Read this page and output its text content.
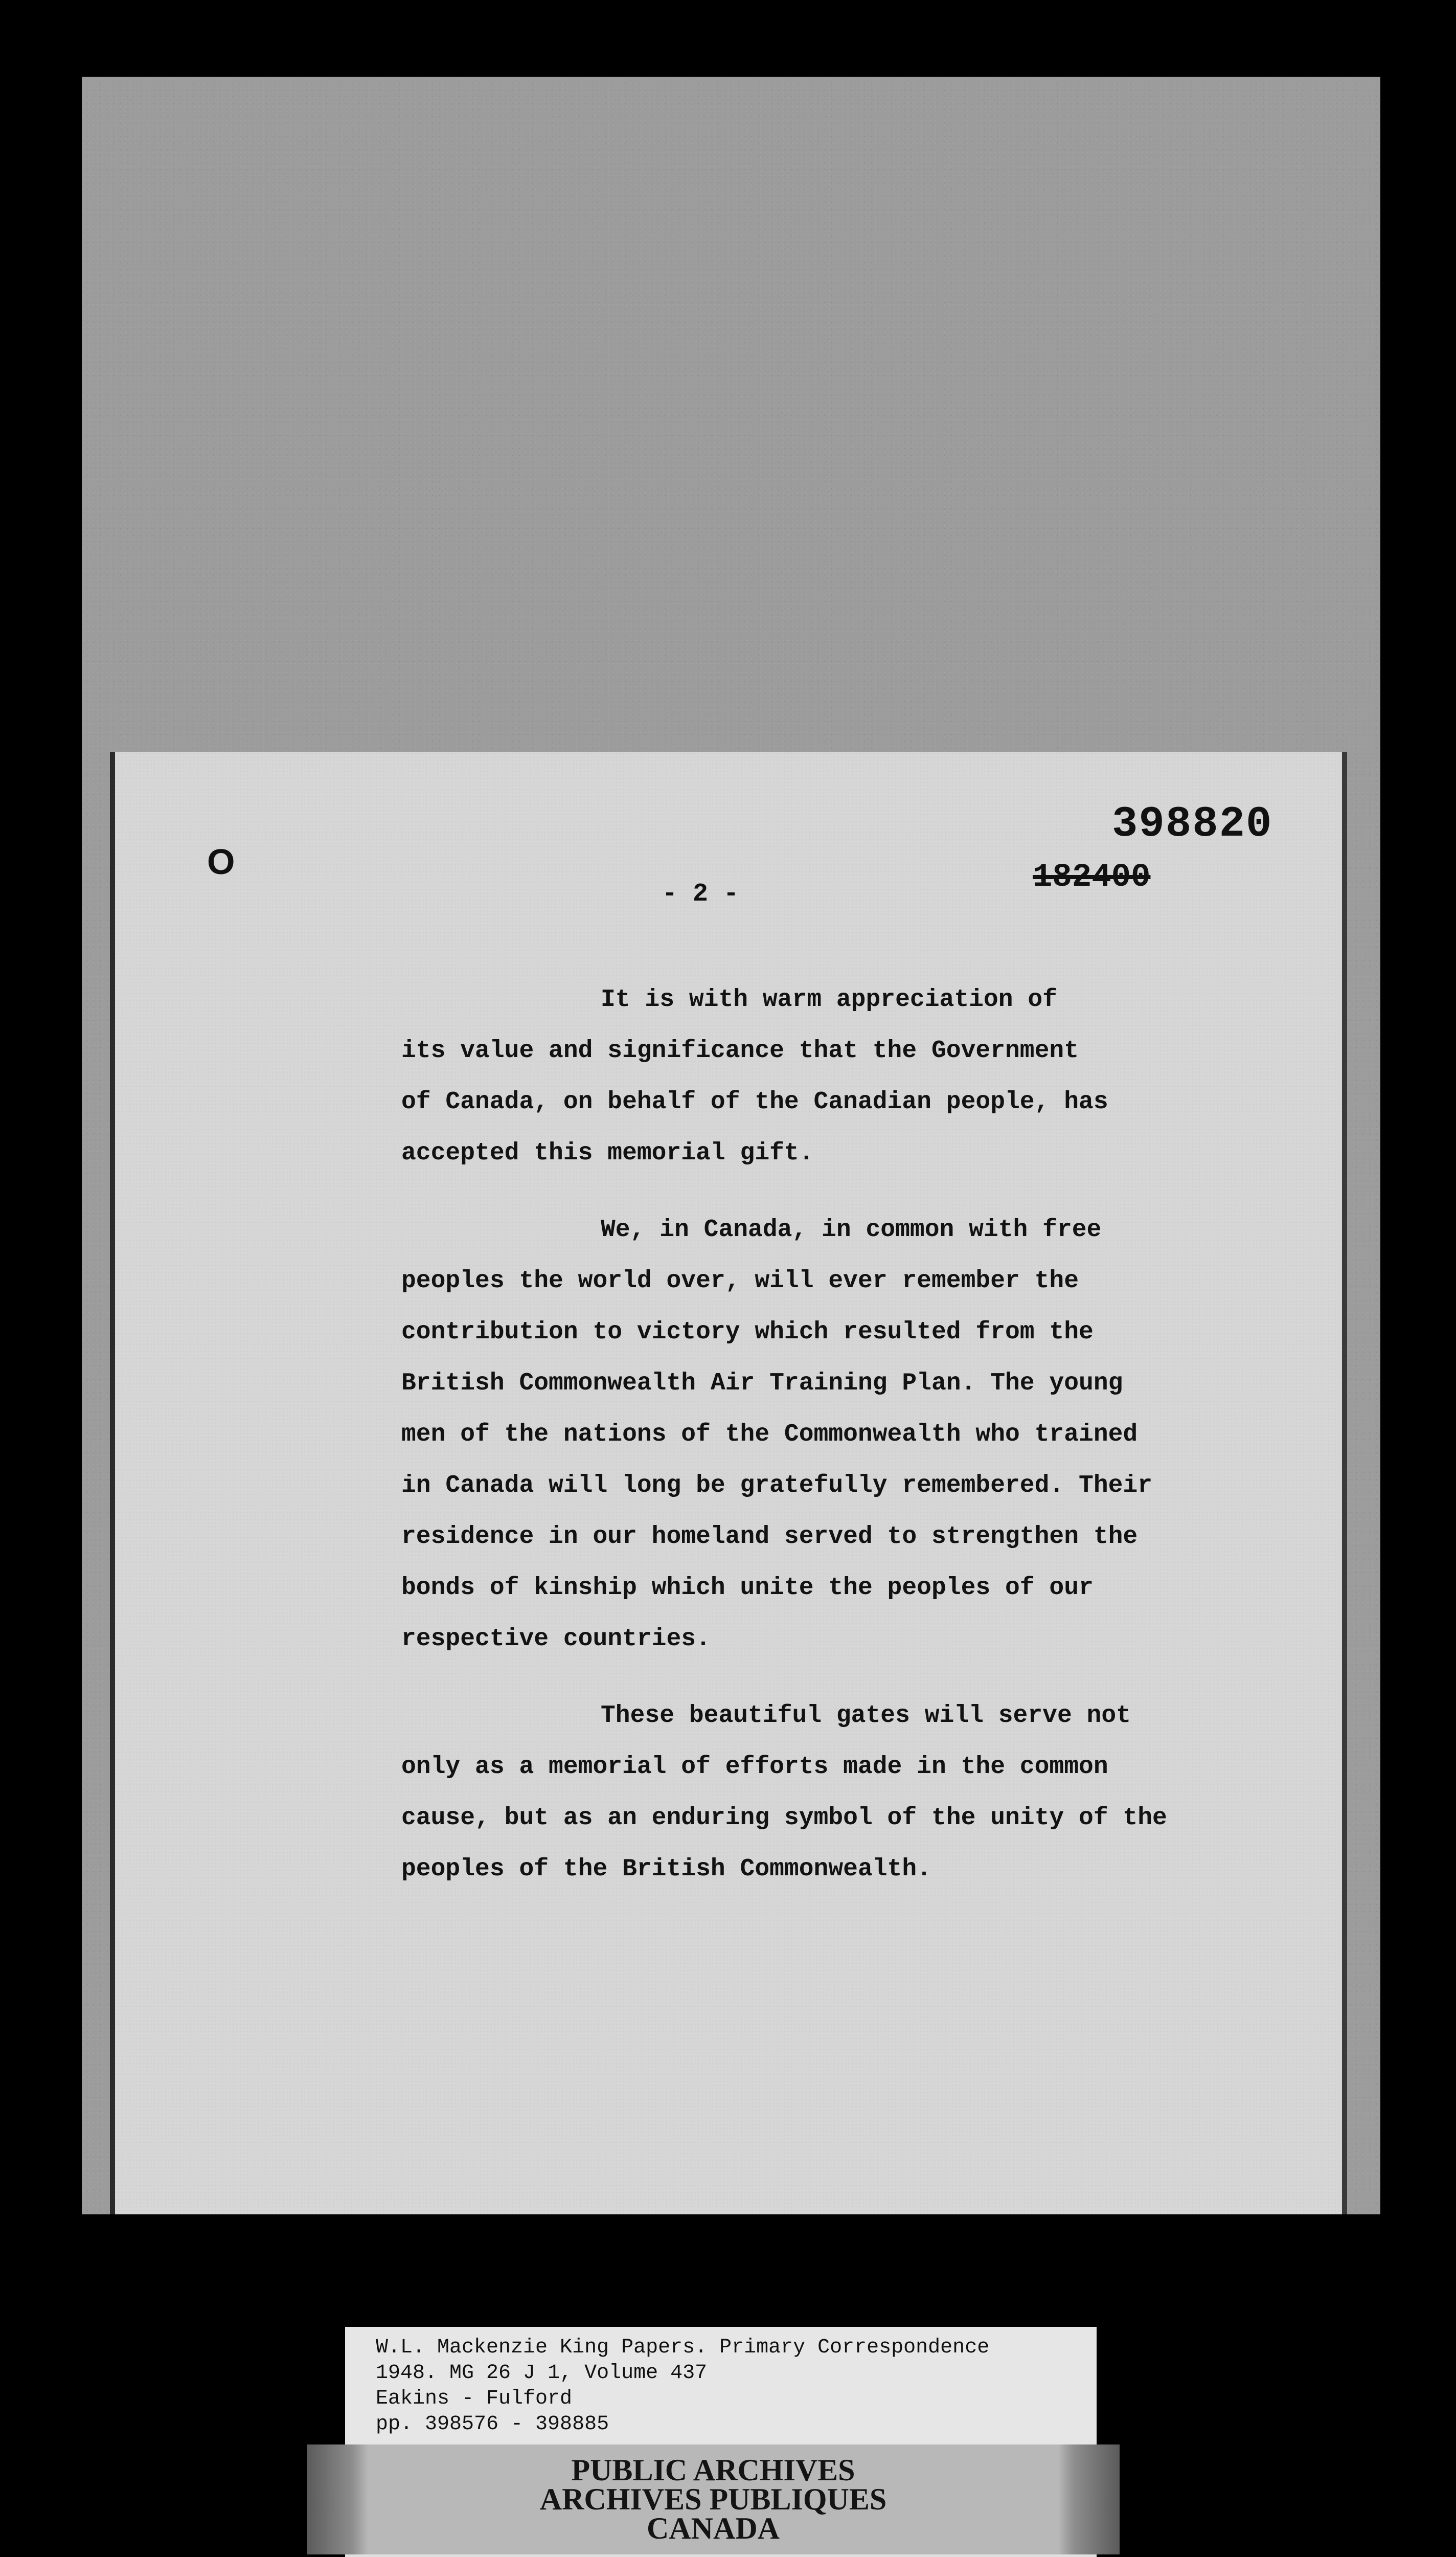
O
398820
182400
- 2 -

It is with warm appreciation of
its value and significance that the Government
of Canada, on behalf of the Canadian people, has
accepted this memorial gift.

We, in Canada, in common with free
peoples the world over, will ever remember the
contribution to victory which resulted from the
British Commonwealth Air Training Plan. The young
men of the nations of the Commonwealth who trained
in Canada will long be gratefully remembered. Their
residence in our homeland served to strengthen the
bonds of kinship which unite the peoples of our
respective countries.

These beautiful gates will serve not
only as a memorial of efforts made in the common
cause, but as an enduring symbol of the unity of the
peoples of the British Commonwealth.

W.L. Mackenzie King Papers. Primary Correspondence
1948. MG 26 J 1, Volume 437
Eakins - Fulford
pp. 398576 - 398885
PUBLIC ARCHIVES
ARCHIVES PUBLIQUES
CANADA
